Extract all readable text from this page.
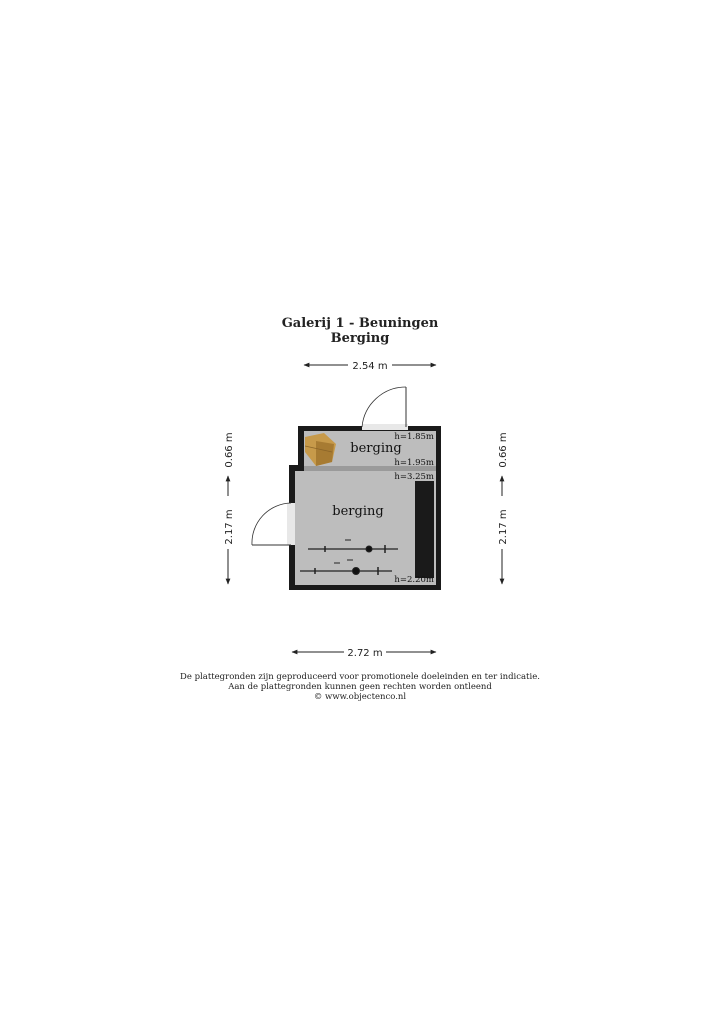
Galerij 1 - Beuningen
Berging
2.54 m
2.72 m
0.66 m
2.17 m
0.66 m
2.17 m
berging
berging
h=1.85m
h=1.95m
h=3.25m
h=2.20m
De plattegronden zijn geproduceerd voor promotionele doeleinden en ter indicatie.
Aan de plattegronden kunnen geen rechten worden ontleend
© www.objectenco.nl
